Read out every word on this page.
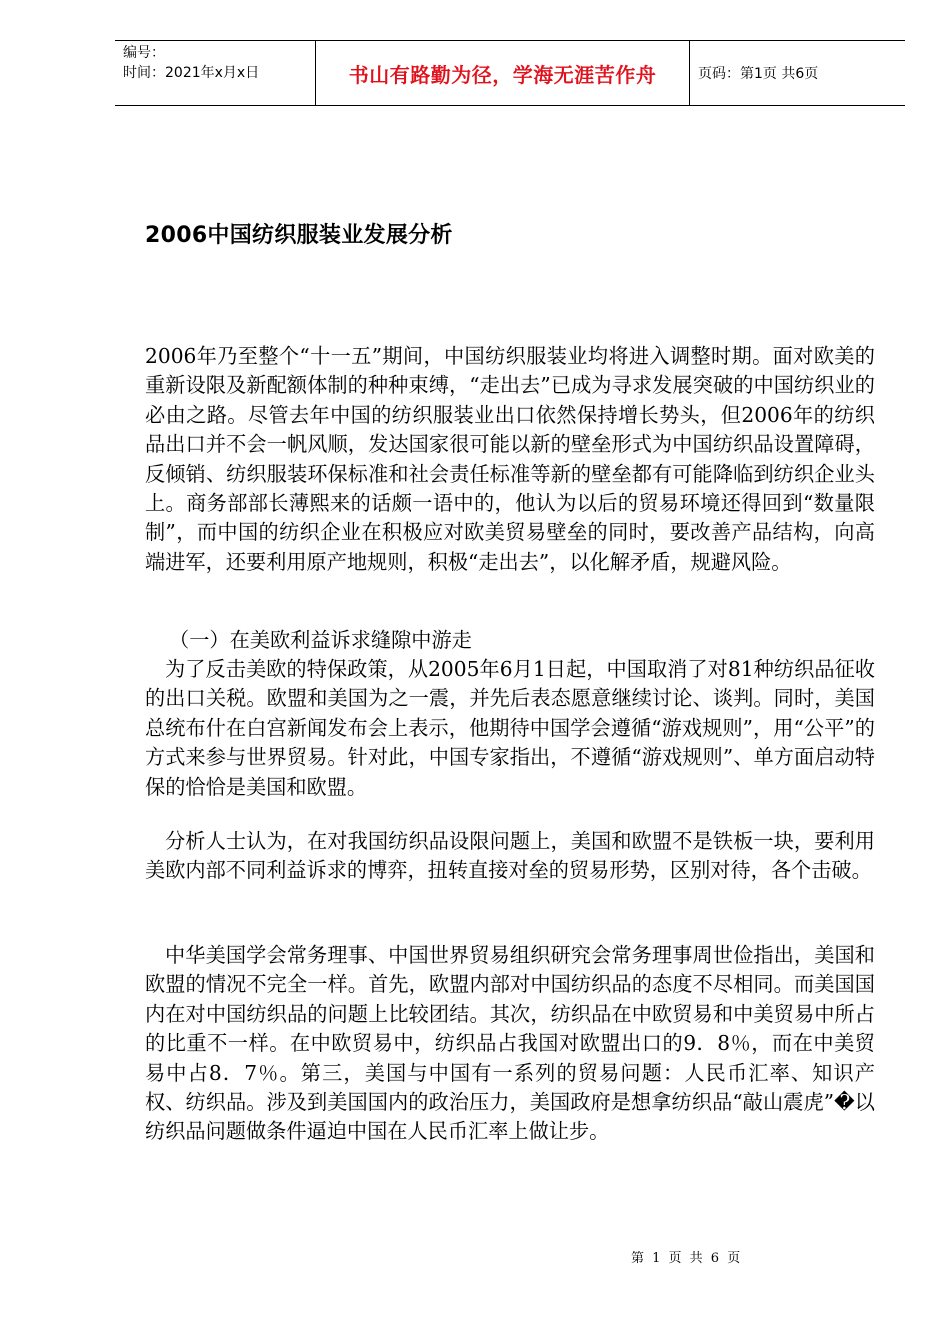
编号：
时间：2021年x月x日	书山有路勤为径，学海无涯苦作舟	页码：第1页 共6页
2006中国纺织服装业发展分析

2006年乃至整个“十一五”期间，中国纺织服装业均将进入调整时期。面对欧美的重新设限及新配额体制的种种束缚，“走出去”已成为寻求发展突破的中国纺织业的必由之路。尽管去年中国的纺织服装业出口依然保持增长势头，但2006年的纺织品出口并不会一帆风顺，发达国家很可能以新的壁垒形式为中国纺织品设置障碍，反倾销、纺织服装环保标准和社会责任标准等新的壁垒都有可能降临到纺织企业头上。商务部部长薄熙来的话颇一语中的，他认为以后的贸易环境还得回到“数量限制”，而中国的纺织企业在积极应对欧美贸易壁垒的同时，要改善产品结构，向高端进军，还要利用原产地规则，积极“走出去”，以化解矛盾，规避风险。

（一）在美欧利益诉求缝隙中游走

为了反击美欧的特保政策，从2005年6月1日起，中国取消了对81种纺织品征收的出口关税。欧盟和美国为之一震，并先后表态愿意继续讨论、谈判。同时，美国总统布什在白宫新闻发布会上表示，他期待中国学会遵循“游戏规则”，用“公平”的方式来参与世界贸易。针对此，中国专家指出，不遵循“游戏规则”、单方面启动特保的恰恰是美国和欧盟。

分析人士认为，在对我国纺织品设限问题上，美国和欧盟不是铁板一块，要利用美欧内部不同利益诉求的博弈，扭转直接对垒的贸易形势，区别对待，各个击破。

中华美国学会常务理事、中国世界贸易组织研究会常务理事周世俭指出，美国和欧盟的情况不完全一样。首先，欧盟内部对中国纺织品的态度不尽相同。而美国国内在对中国纺织品的问题上比较团结。其次，纺织品在中欧贸易和中美贸易中所占的比重不一样。在中欧贸易中，纺织品占我国对欧盟出口的9．8％，而在中美贸易中占8．7％。第三，美国与中国有一系列的贸易问题：人民币汇率、知识产权、纺织品。涉及到美国国内的政治压力，美国政府是想拿纺织品“敲山震虎”�以纺织品问题做条件逼迫中国在人民币汇率上做让步。

第 1 页 共 6 页
